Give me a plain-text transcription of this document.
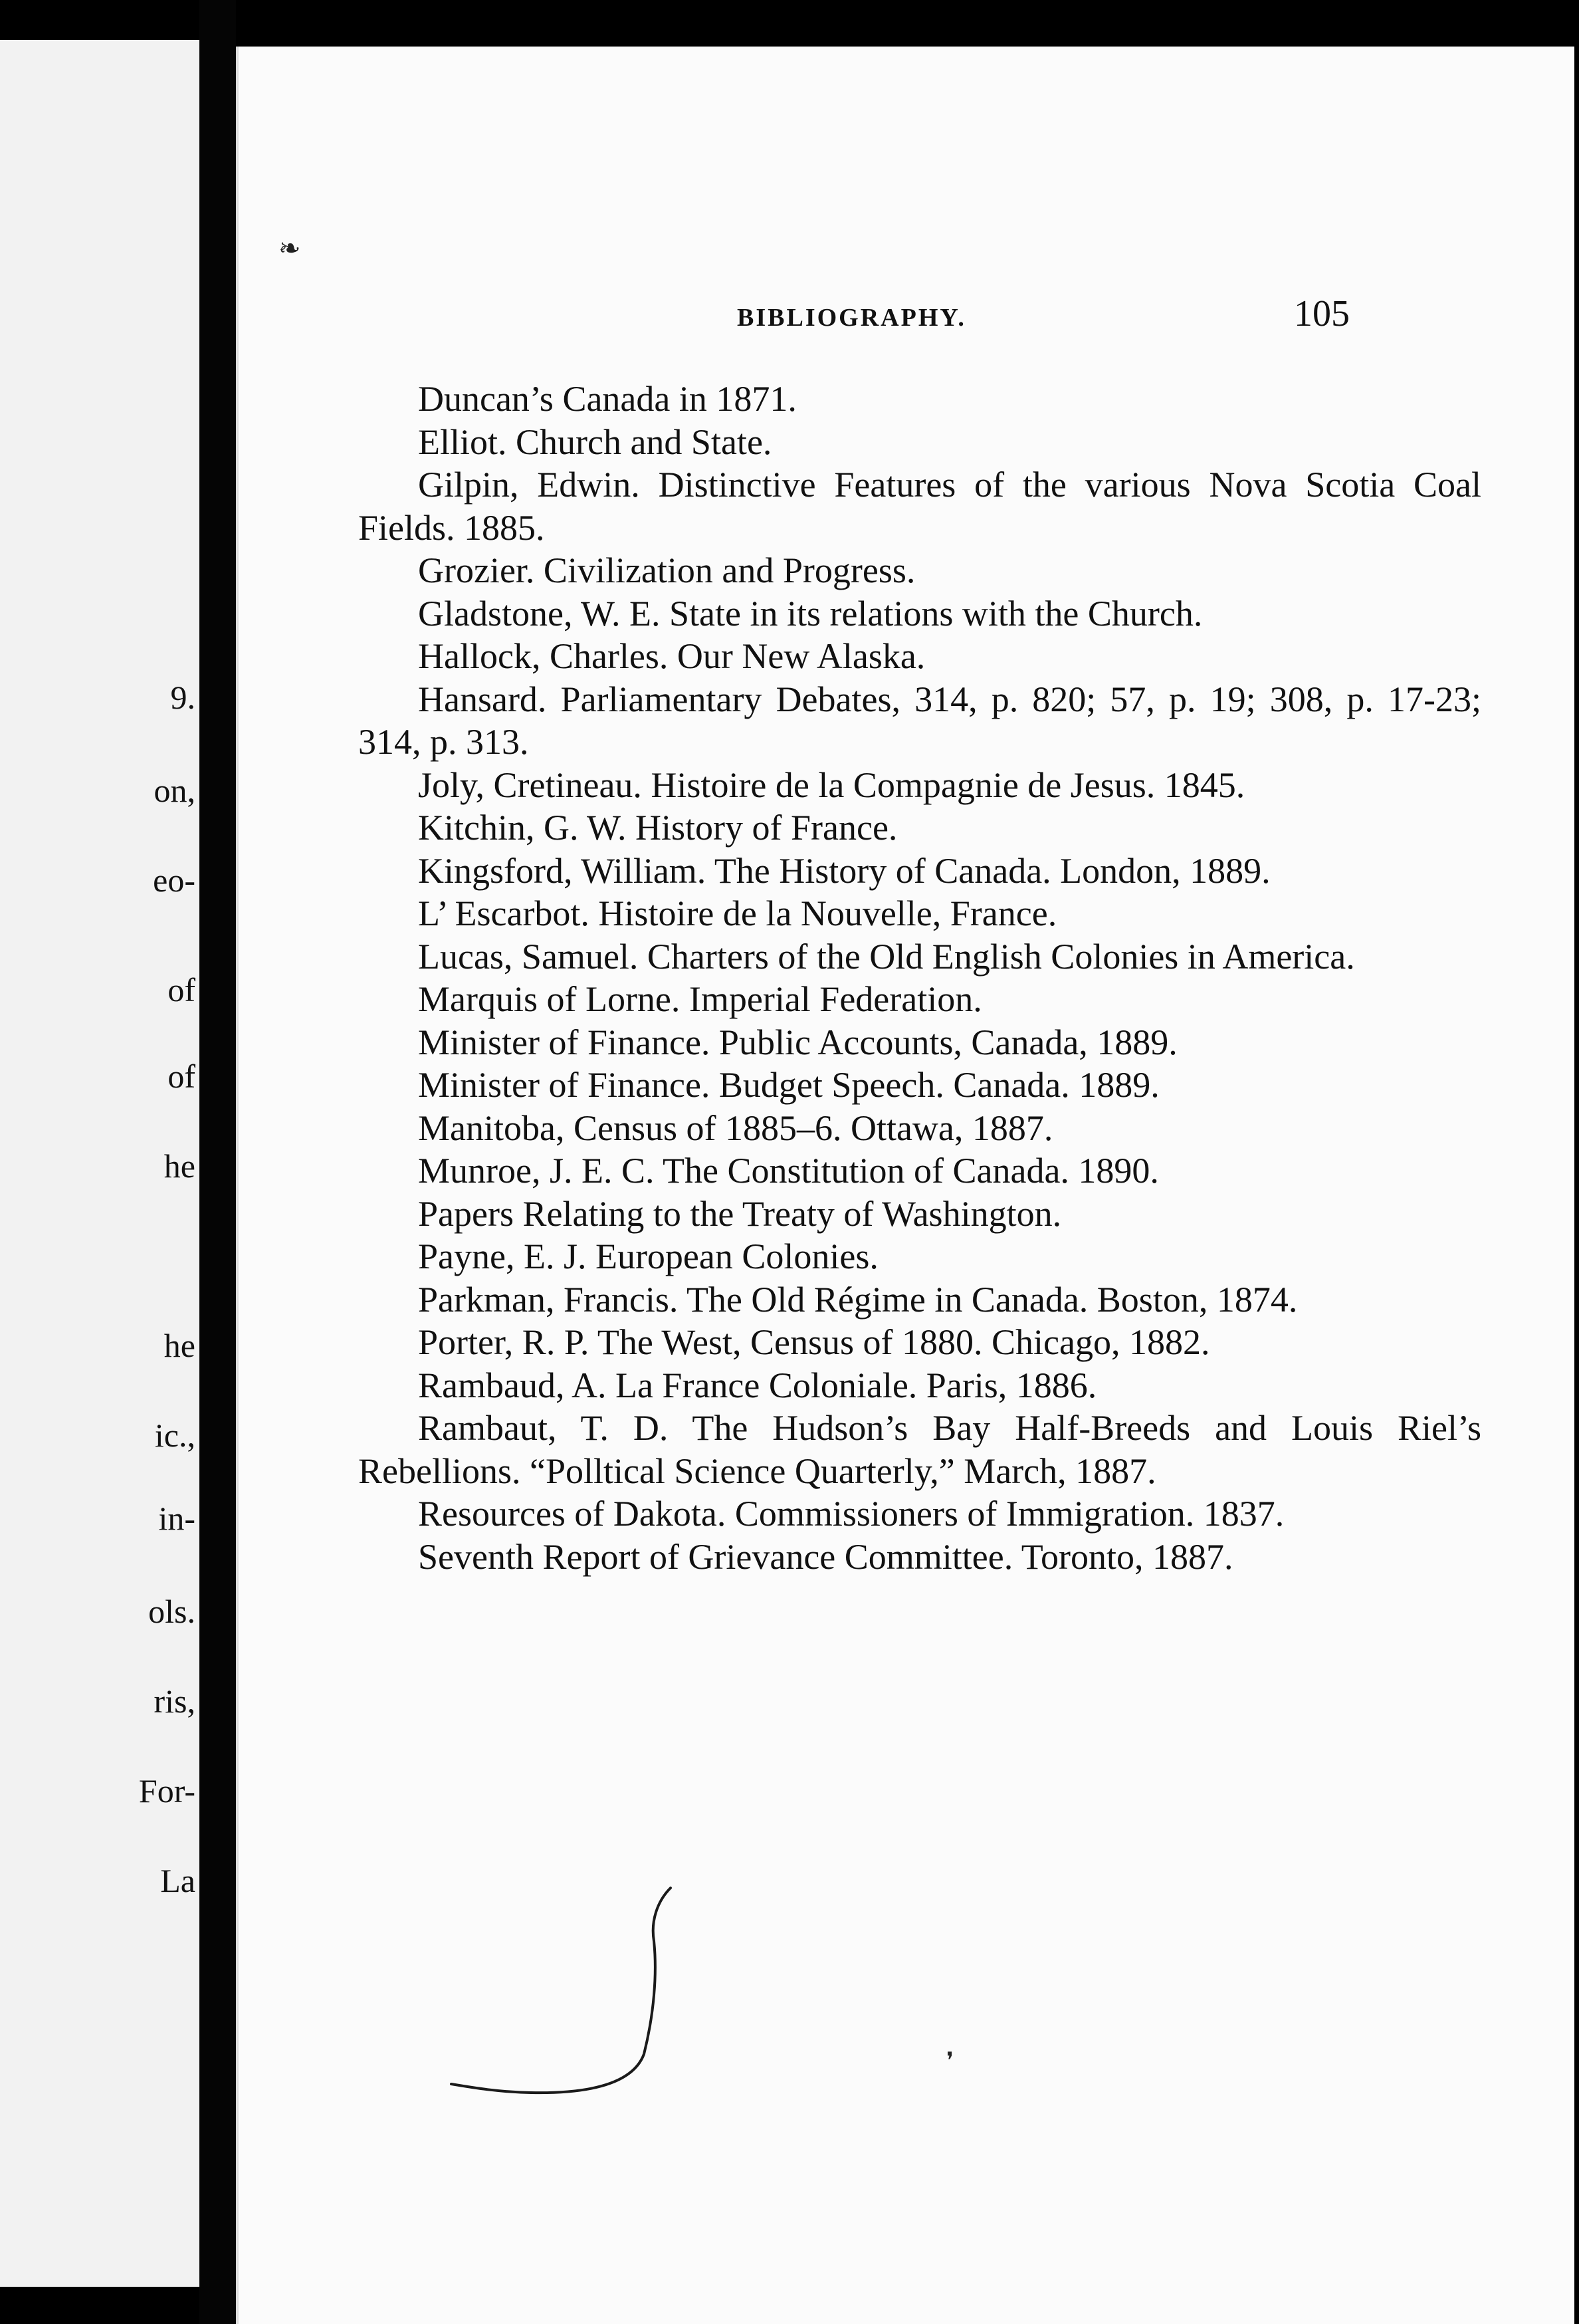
9.
on,
eo-
of
of
he
he
ic.,
in-
ols.
ris,
For-
La
❧
BIBLIOGRAPHY.	105

Duncan’s Canada in 1871.

Elliot. Church and State.

Gilpin, Edwin. Distinctive Features of the various Nova Scotia Coal Fields. 1885.

Grozier. Civilization and Progress.

Gladstone, W. E. State in its relations with the Church.

Hallock, Charles. Our New Alaska.

Hansard. Parliamentary Debates, 314, p. 820; 57, p. 19; 308, p. 17-23; 314, p. 313.

Joly, Cretineau. Histoire de la Compagnie de Jesus. 1845.

Kitchin, G. W. History of France.

Kingsford, William. The History of Canada. London, 1889.

L’ Escarbot. Histoire de la Nouvelle, France.

Lucas, Samuel. Charters of the Old English Colonies in America.

Marquis of Lorne. Imperial Federation.

Minister of Finance. Public Accounts, Canada, 1889.

Minister of Finance. Budget Speech. Canada. 1889.

Manitoba, Census of 1885–6. Ottawa, 1887.

Munroe, J. E. C. The Constitution of Canada. 1890.

Papers Relating to the Treaty of Washington.

Payne, E. J. European Colonies.

Parkman, Francis. The Old Régime in Canada. Boston, 1874.

Porter, R. P. The West, Census of 1880. Chicago, 1882.

Rambaud, A. La France Coloniale. Paris, 1886.

Rambaut, T. D. The Hudson’s Bay Half-Breeds and Louis Riel’s Rebellions. “Polltical Science Quarterly,” March, 1887.

Resources of Dakota. Commissioners of Immigration. 1837.

Seventh Report of Grievance Committee. Toronto, 1887.

❜
